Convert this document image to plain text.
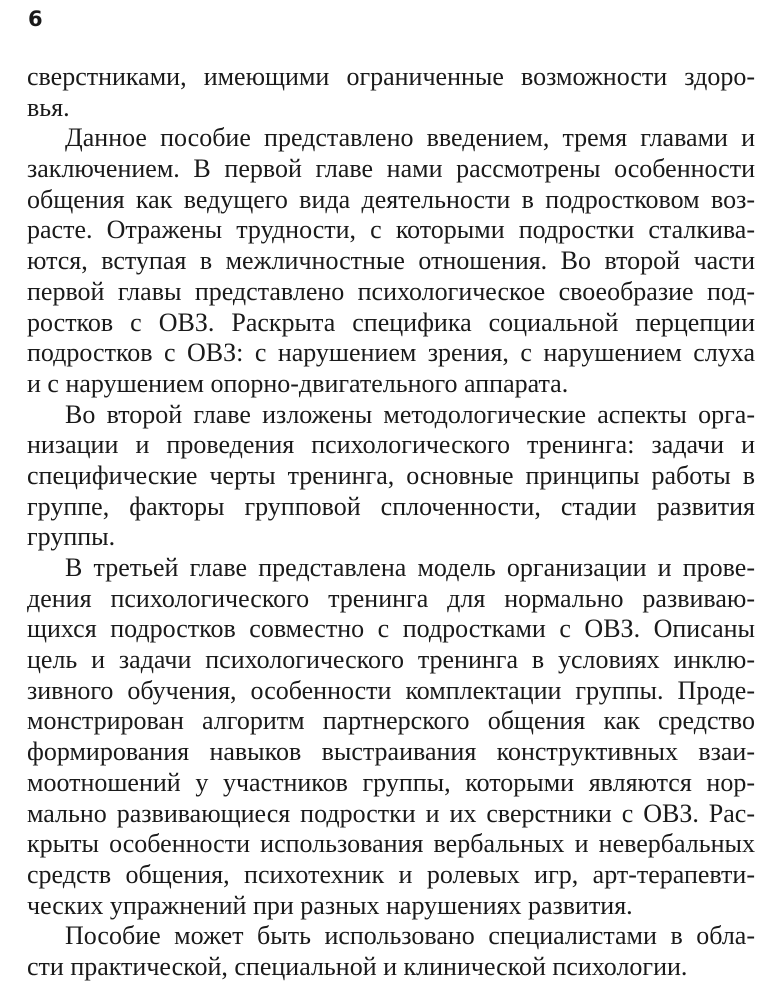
6
сверстниками, имеющими ограниченные возможности здоро-
вья.
Данное пособие представлено введением, тремя главами и
заключением. В первой главе нами рассмотрены особенности
общения как ведущего вида деятельности в подростковом воз-
расте. Отражены трудности, с которыми подростки сталкива-
ются, вступая в межличностные отношения. Во второй части
первой главы представлено психологическое своеобразие под-
ростков с ОВЗ. Раскрыта специфика социальной перцепции
подростков с ОВЗ: с нарушением зрения, с нарушением слуха
и с нарушением опорно-двигательного аппарата.
Во второй главе изложены методологические аспекты орга-
низации и проведения психологического тренинга: задачи и
специфические черты тренинга, основные принципы работы в
группе, факторы групповой сплоченности, стадии развития
группы.
В третьей главе представлена модель организации и прове-
дения психологического тренинга для нормально развиваю-
щихся подростков совместно с подростками с ОВЗ. Описаны
цель и задачи психологического тренинга в условиях инклю-
зивного обучения, особенности комплектации группы. Проде-
монстрирован алгоритм партнерского общения как средство
формирования навыков выстраивания конструктивных взаи-
моотношений у участников группы, которыми являются нор-
мально развивающиеся подростки и их сверстники с ОВЗ. Рас-
крыты особенности использования вербальных и невербальных
средств общения, психотехник и ролевых игр, арт-терапевти-
ческих упражнений при разных нарушениях развития.
Пособие может быть использовано специалистами в обла-
сти практической, специальной и клинической психологии.
